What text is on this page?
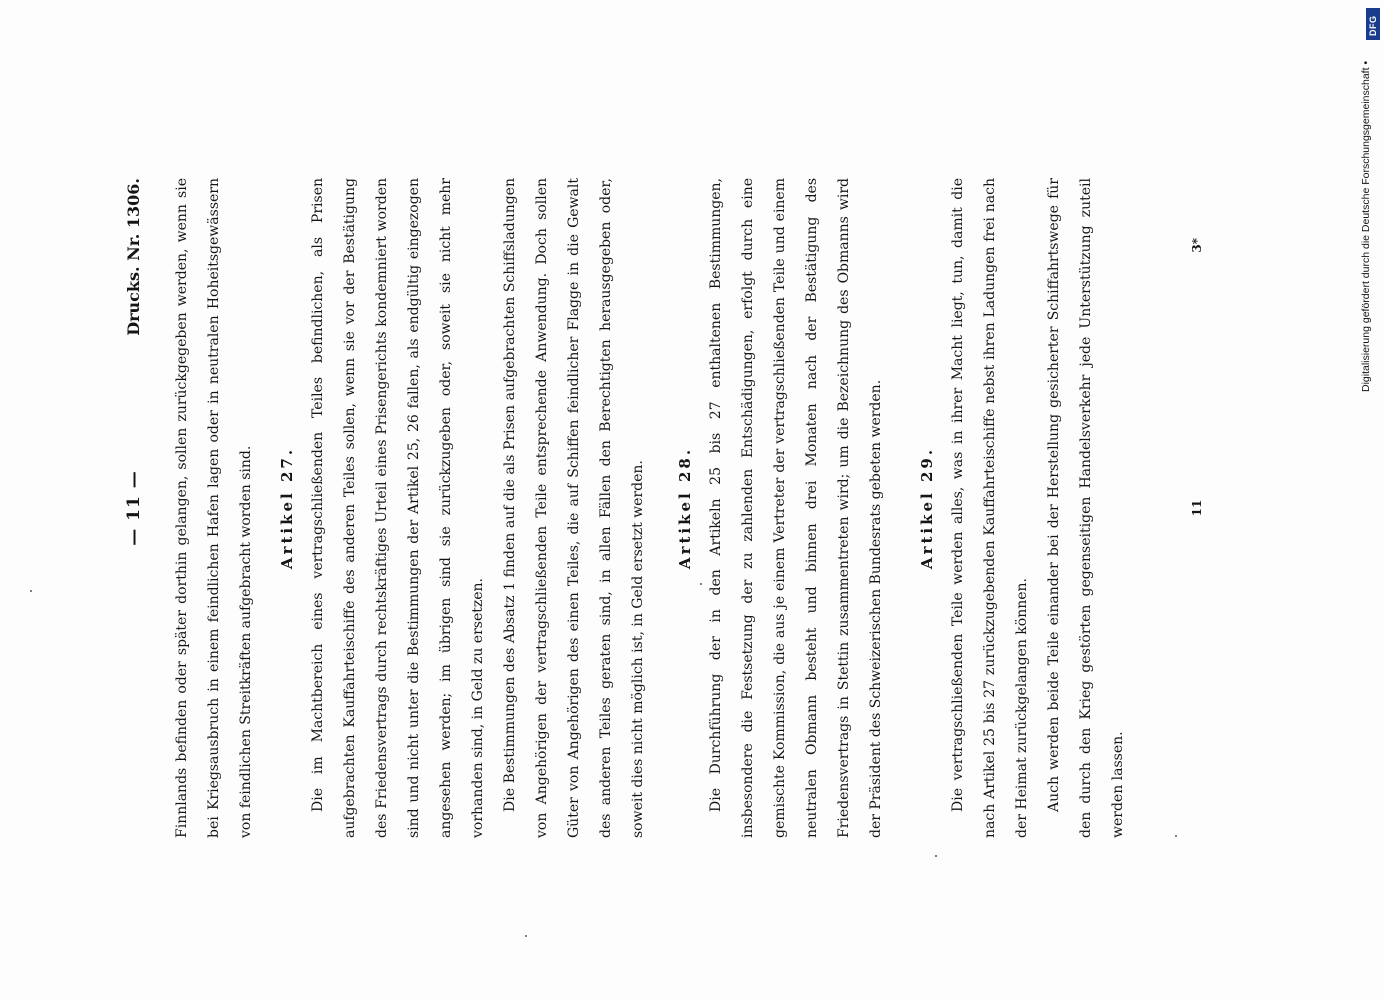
— 11 —
Drucks. Nr. 1306.	Finnlands befinden oder später dorthin gelangen, sollen zurückgegeben werden, wenn sie bei Kriegsausbruch in einem feindlichen Hafen lagen oder in neutralen Hoheitsgewässern von feindlichen Streitkräften aufgebracht worden sind.	Artikel 27.	Die im Machtbereich eines vertragschließenden Teiles befindlichen, als Prisen aufgebrachten Kauffahrteischiffe des anderen Teiles sollen, wenn sie vor der Bestätigung des Friedensvertrags durch rechtskräftiges Urteil eines Prisengerichts kondemniert worden sind und nicht unter die Bestimmungen der Artikel 25, 26 fallen, als endgültig eingezogen angesehen werden; im übrigen sind sie zurückzugeben oder, soweit sie nicht mehr vorhanden sind, in Geld zu ersetzen.	Die Bestimmungen des Absatz 1 finden auf die als Prisen aufgebrachten Schiffsladungen von Angehörigen der vertragschließenden Teile entsprechende Anwendung. Doch sollen Güter von Angehörigen des einen Teiles, die auf Schiffen feindlicher Flagge in die Gewalt des anderen Teiles geraten sind, in allen Fällen den Berechtigten herausgegeben oder, soweit dies nicht möglich ist, in Geld ersetzt werden.	Artikel 28.	Die Durchführung der in den Artikeln 25 bis 27 enthaltenen Bestimmungen, insbesondere die Festsetzung der zu zahlenden Entschädigungen, erfolgt durch eine gemischte Kommission, die aus je einem Vertreter der vertragschließenden Teile und einem neutralen Obmann besteht und binnen drei Monaten nach der Bestätigung des Friedensvertrags in Stettin zusammentreten wird; um die Bezeichnung des Obmanns wird der Präsident des Schweizerischen Bundesrats gebeten werden.	Artikel 29.	Die vertragschließenden Teile werden alles, was in ihrer Macht liegt, tun, damit die nach Artikel 25 bis 27 zurückzugebenden Kauffahrteischiffe nebst ihren Ladungen frei nach der Heimat zurückgelangen können.	Auch werden beide Teile einander bei der Herstellung gesicherter Schiffahrtswege für den durch den Krieg gestörten gegenseitigen Handelsverkehr jede Unterstützung zuteil werden lassen.

11
3*	Digitalisierung gefördert durch die Deutsche Forschungsgemeinschaft •
DFG
